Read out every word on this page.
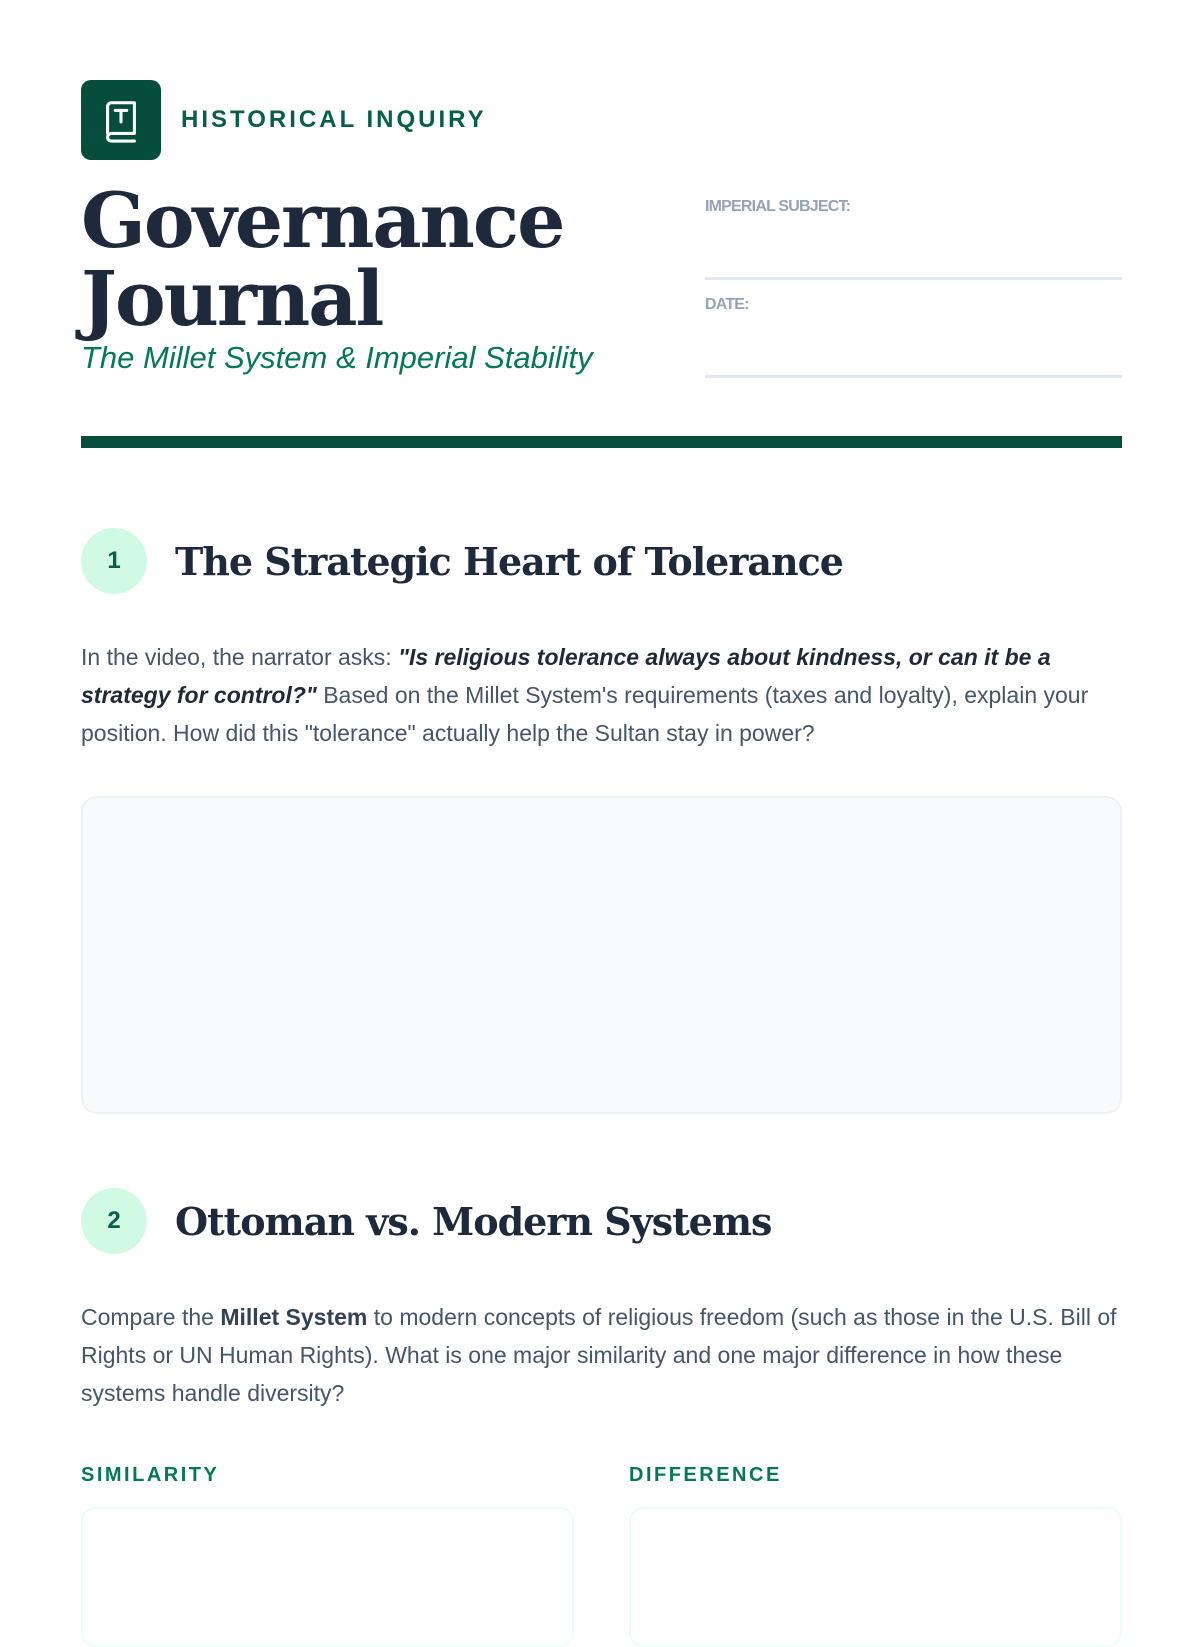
HISTORICAL INQUIRY
Governance
Journal
The Millet System & Imperial Stability
IMPERIAL SUBJECT:
DATE:
1	The Strategic Heart of Tolerance

In the video, the narrator asks: "Is religious tolerance always about kindness, or can it be a strategy for control?" Based on the Millet System's requirements (taxes and loyalty), explain your position. How did this "tolerance" actually help the Sultan stay in power?

2	Ottoman vs. Modern Systems

Compare the Millet System to modern concepts of religious freedom (such as those in the U.S. Bill of Rights or UN Human Rights). What is one major similarity and one major difference in how these systems handle diversity?

SIMILARITY	DIFFERENCE
